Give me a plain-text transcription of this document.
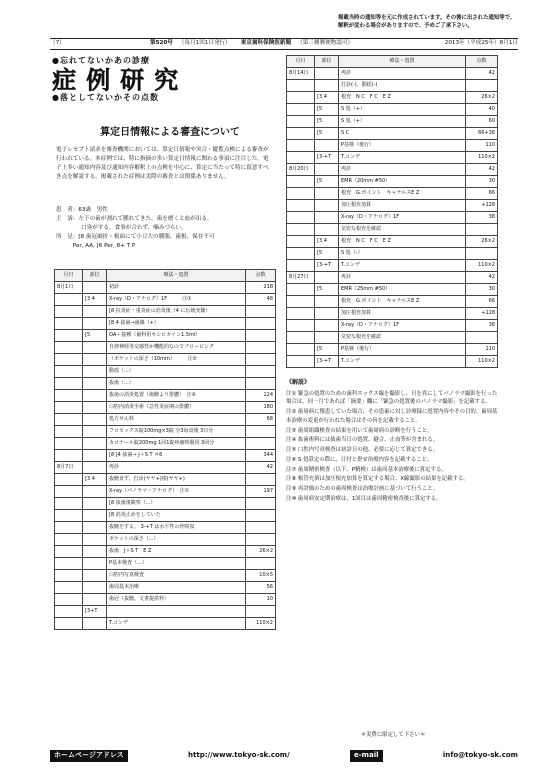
掲載当時の通知等を元に作成されています。その後に出された通知等で、
解釈が変わる場合がありますので、予めご了承下さい。
（7）	第520号 （毎月1回1日発行） 東京歯科保険医新聞 （第三種郵便物認可）	2013年（平成25年）8月1日
●忘れてないかあの診療
症例研究
●落としてないかその点数
算定日情報による審査について
電子レセプト請求を審査機関においては、算定日情報や突合・縦覧点検による審査が行われている。本症例では、特に指摘の多い算定日情報に関わる事項に注目した。電子上多い通知内容及び通知内容解釈上の点検を中心に、算定に当たって特に留意すべき点を解説する。掲載された症例は実際の審査とは関係ありません。
患　者：63歳　男性
主　訴：左下の歯が割れて腫れてきた。歯を磨くと血が出る。
口臭がする。食事が合わず、噛みづらい。
所　見：[8 歯冠破折・根面にて小豆大の腫脹、歯根、保存不可
　　　Per, AA, [6 Per, 8+ T P
月日	部位	療法・処置	点数
8月1日		初診	218
	[3 4	X-ray（D・アナログ）1F　　　注①	48
		[8 抗炎症・重炎症の消炎後（4 に伝統実験）	
		[8 4 抜歯→歯線（+）	
	[5	OA＋接種（歯科用キシロカイン1.5ml）	
		自律神経等交感性か機能的なのでブロービング	
		（ボケットの深さ（10mm）　　　注②	
		動揺（...）	
		抜歯（...）	
		抜歯の消炎処置（歯髄より排膿）　注④	124
		口腔内消炎手術（急性炎症期の排膿）	180
		処方せん料	68
		フロモックス錠100mg×3錠 分3毎食後 3日分	
		カロナール錠200mg 1回1錠疼痛時服用 3回分	
		[8 [4 抜歯→ J＋S T ＃6	344
8月7日		再診	42
	[3 4	抜髄直す、打診(ヤヤ+)根(ヤヤ+)	
		X-ray（パノラマ・アナログ）　注①	197
		[8 抜歯後観察（...）	
		[8 消炎止めをしていた	
		抜髄をする。 3-+T は水平性の骨吸収	
		ボケットの深さ（...）	
		抜歯　J＋S T　E Z	26×2
		P基本検査（...）	
		口腔内写真検査	10×5
		歯周基本治療	56
		歯冠（抜髄、文書提供料）	10
	[3+T		
		T.コンデ　　	110×2
月日	部位	療法・処置	点数
8月14日		再診	42
		打診(-)、動揺(-)	
	[3 4	根充　N C　F C　E Z	26×2
	[5	S 処（+）	40
	[5	S 処（+）	60
	[5	S C	66+38
		P基検（後行）	110
	[3-+T	T.コンデ	110×2
8月20日		再診	42
	[5	EMR（20mm #50）	30
		根充　G.ポイント　キャナルスE Z	66
		加圧根充加算	+128
		X-ray（D・アナログ）1F	38
		気密な根充を確認	
	[3 4	根充　N C　F C　E Z	26×2
	[5	S 処（-）	
	[3-+T	T.コンデ	110×2
8月27日		再診	42
	[5	EMR（25mm #50）	30
		根充　G.ポイント　キャナルスE Z	66
		加圧根充加算	+128
		X-ray（D・アナログ）1F	38
		気密な根充を確認	
	[5	P基検（後行）	110
	[3-+T	T.コンデ	110×2
《解説》

注① 緊急の処置のための歯科エックス線を撮影し、日を異にしてパノラマ撮影を行った場合は、同一月であれば「摘要」欄に「緊急の処置後のパノラマ撮影」を記載する。

注② 歯周病に罹患していた場合、その患歯に対し診療録に処置内容やその目的、歯周基本治療の変更が行われた場合はその旨を記載すること。

注③ 歯周組織検査の結果を用いて歯周病の診断を行うこと。

注④ 抜歯術料には抜歯当日の処置、縫合、止血等が含まれる。

注⑤ 口腔内写真検査は初診日の他、必要に応じて算定できる。

注⑥ S 処算定の際に、日付と併せ治療内容を記載すること。

注⑦ 歯周精密検査（以下、P精検）は歯周基本治療後に算定する。

注⑧ 根管充填は加圧根充加算を算定する場合、X線撮影の結果を記載する。

注⑨ 再評価のための歯周検査は治療計画に基づいて行うこと。

注⑩ 歯周病安定期治療は、1回目は歯周精密検査後に算定する。

＊実費に限定して下さい＊
ホームページアドレス	http://www.tokyo-sk.com/	e-mail	info@tokyo-sk.com
